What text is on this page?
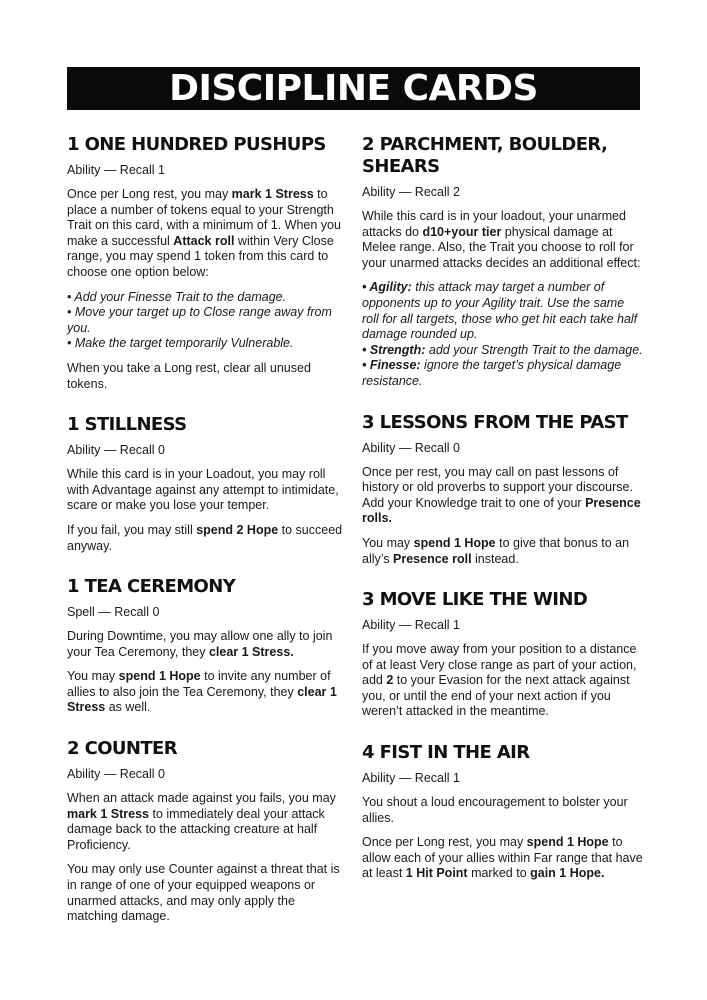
DISCIPLINE CARDS
1 ONE HUNDRED PUSHUPS
Ability — Recall 1
Once per Long rest, you may mark 1 Stress to place a number of tokens equal to your Strength Trait on this card, with a minimum of 1. When you make a successful Attack roll within Very Close range, you may spend 1 token from this card to choose one option below:
• Add your Finesse Trait to the damage.
• Move your target up to Close range away from you.
• Make the target temporarily Vulnerable.
When you take a Long rest, clear all unused tokens.
1 STILLNESS
Ability — Recall 0
While this card is in your Loadout, you may roll with Advantage against any attempt to intimidate, scare or make you lose your temper.
If you fail, you may still spend 2 Hope to succeed anyway.
1 TEA CEREMONY
Spell — Recall 0
During Downtime, you may allow one ally to join your Tea Ceremony, they clear 1 Stress.
You may spend 1 Hope to invite any number of allies to also join the Tea Ceremony, they clear 1 Stress as well.
2 COUNTER
Ability — Recall 0
When an attack made against you fails, you may mark 1 Stress to immediately deal your attack damage back to the attacking creature at half Proficiency.
You may only use Counter against a threat that is in range of one of your equipped weapons or unarmed attacks, and may only apply the matching damage.
2 PARCHMENT, BOULDER, SHEARS
Ability — Recall 2
While this card is in your loadout, your unarmed attacks do d10+your tier physical damage at Melee range. Also, the Trait you choose to roll for your unarmed attacks decides an additional effect:
• Agility: this attack may target a number of opponents up to your Agility trait. Use the same roll for all targets, those who get hit each take half damage rounded up.
• Strength: add your Strength Trait to the damage.
• Finesse: ignore the target’s physical damage resistance.
3 LESSONS FROM THE PAST
Ability — Recall 0
Once per rest, you may call on past lessons of history or old proverbs to support your discourse. Add your Knowledge trait to one of your Presence rolls.
You may spend 1 Hope to give that bonus to an ally’s Presence roll instead.
3 MOVE LIKE THE WIND
Ability — Recall 1
If you move away from your position to a distance of at least Very close range as part of your action, add 2 to your Evasion for the next attack against you, or until the end of your next action if you weren’t attacked in the meantime.
4 FIST IN THE AIR
Ability — Recall 1
You shout a loud encouragement to bolster your allies.
Once per Long rest, you may spend 1 Hope to allow each of your allies within Far range that have at least 1 Hit Point marked to gain 1 Hope.
